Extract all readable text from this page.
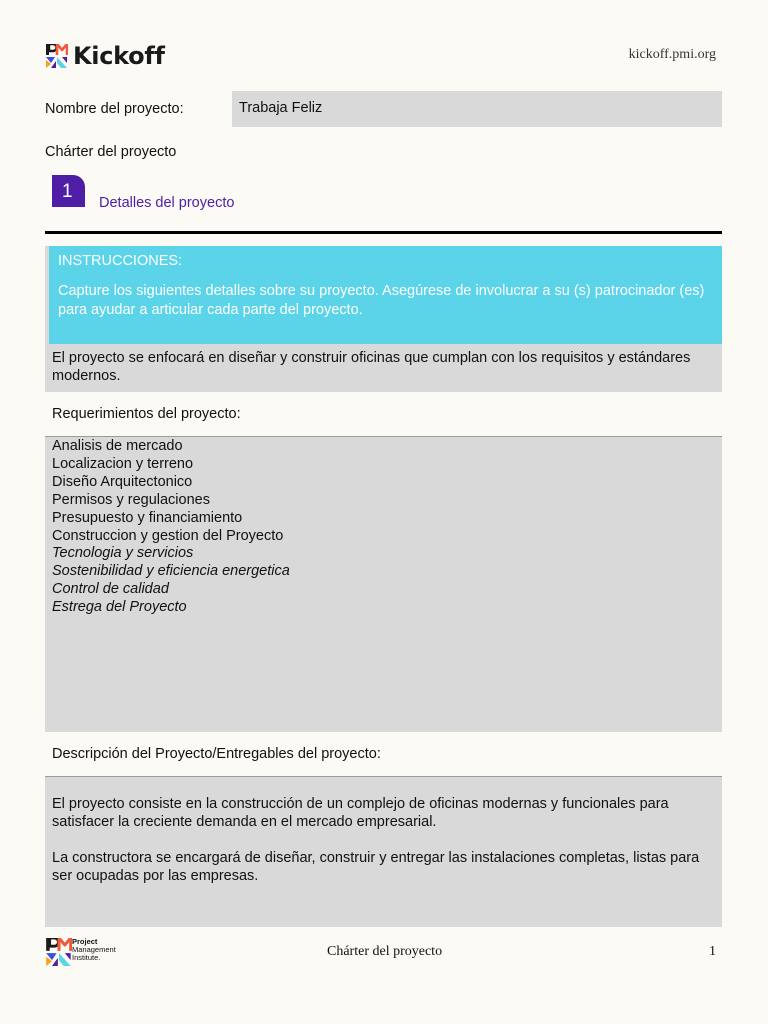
Kickoff	kickoff.pmi.org
Nombre del proyecto:	Trabaja Feliz
Chárter del proyecto
1
Detalles del proyecto
INSTRUCCIONES:
Capture los siguientes detalles sobre su proyecto. Asegúrese de involucrar a su (s) patrocinador (es) para ayudar a articular cada parte del proyecto.
El proyecto se enfocará en diseñar y construir oficinas que cumplan con los requisitos y estándares modernos.
Requerimientos del proyecto:
Analisis de mercado
Localizacion y terreno
Diseño Arquitectonico
Permisos y regulaciones
Presupuesto y financiamiento
Construccion y gestion del Proyecto
Tecnologia y servicios
Sostenibilidad y eficiencia energetica
Control de calidad
Estrega del Proyecto
Descripción del Proyecto/Entregables del proyecto:
El proyecto consiste en la construcción de un complejo de oficinas modernas y funcionales para satisfacer la creciente demanda en el mercado empresarial.
La constructora se encargará de diseñar, construir y entregar las instalaciones completas, listas para ser ocupadas por las empresas.
Project
Management
Institute.	Chárter del proyecto	1
